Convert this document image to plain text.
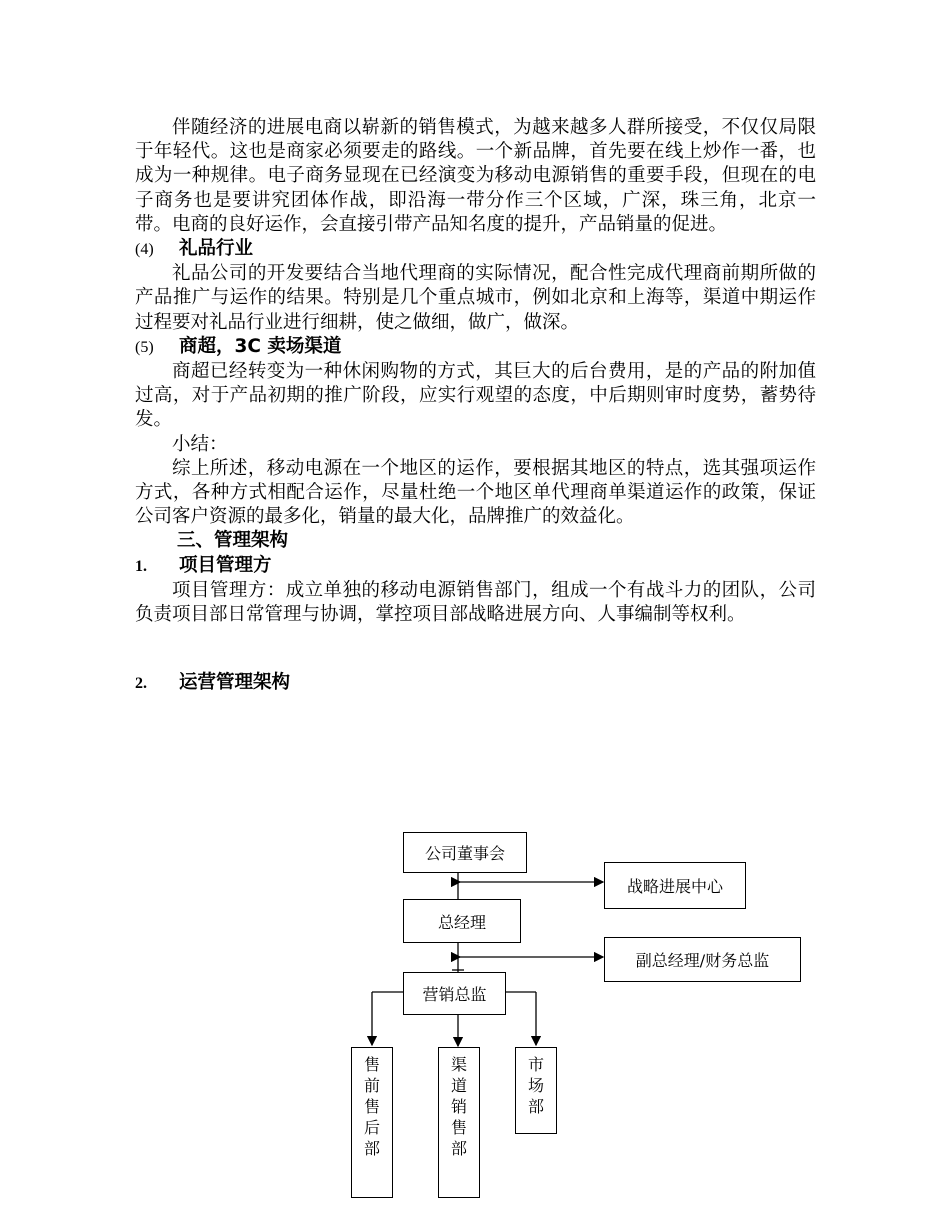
伴随经济的进展电商以崭新的销售模式，为越来越多人群所接受，不仅仅局限于年轻代。这也是商家必须要走的路线。一个新品牌，首先要在线上炒作一番，也成为一种规律。电子商务显现在已经演变为移动电源销售的重要手段，但现在的电子商务也是要讲究团体作战，即沿海一带分作三个区域，广深，珠三角，北京一带。电商的良好运作，会直接引带产品知名度的提升，产品销量的促进。

(4) 礼品行业

礼品公司的开发要结合当地代理商的实际情况，配合性完成代理商前期所做的产品推广与运作的结果。特别是几个重点城市，例如北京和上海等，渠道中期运作过程要对礼品行业进行细耕，使之做细，做广，做深。

(5) 商超，3C 卖场渠道

商超已经转变为一种休闲购物的方式，其巨大的后台费用，是的产品的附加值过高，对于产品初期的推广阶段，应实行观望的态度，中后期则审时度势，蓄势待发。

小结：

综上所述，移动电源在一个地区的运作，要根据其地区的特点，选其强项运作方式，各种方式相配合运作，尽量杜绝一个地区单代理商单渠道运作的政策，保证公司客户资源的最多化，销量的最大化，品牌推广的效益化。

三、管理架构

1. 项目管理方

项目管理方：成立单独的移动电源销售部门，组成一个有战斗力的团队，公司负责项目部日常管理与协调，掌控项目部战略进展方向、人事编制等权利。

2. 运营管理架构

公司董事会
战略进展中心
总经理
副总经理/财务总监
营销总监
售
前
售
后
部
渠
道
销
售
部
市
场
部
